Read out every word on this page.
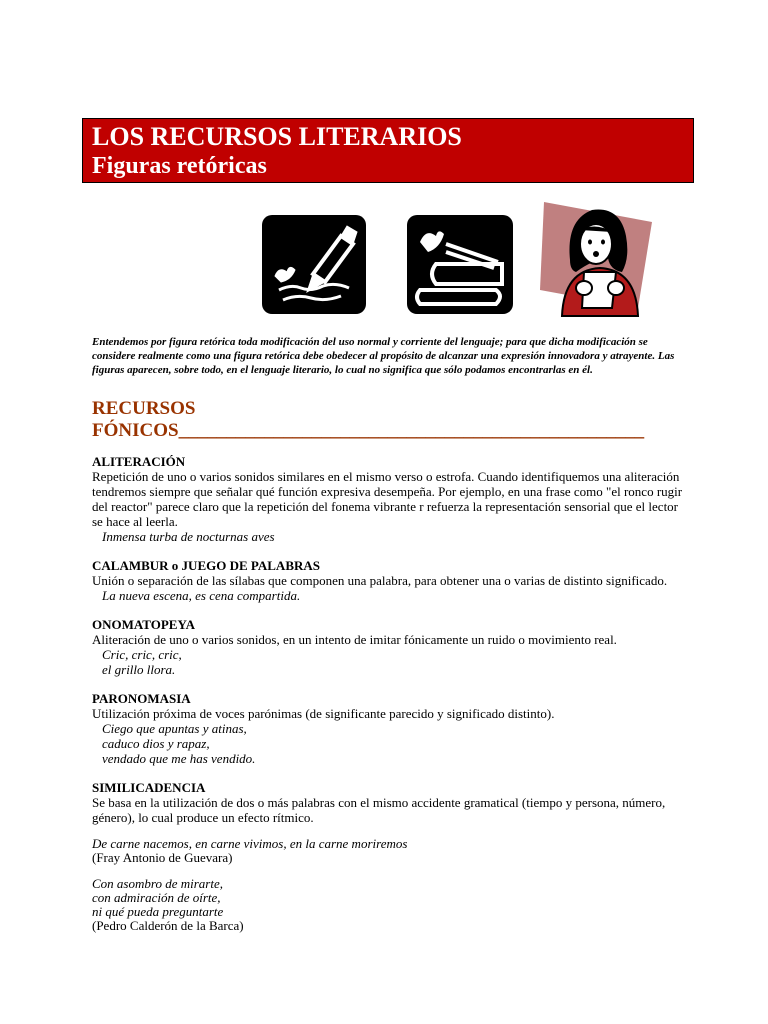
LOS RECURSOS LITERARIOS
Figuras retóricas
Entendemos por figura retórica toda modificación del uso normal y corriente del lenguaje; para que dicha modificación se considere realmente como una figura retórica debe obedecer al propósito de alcanzar una expresión innovadora y atrayente. Las figuras aparecen, sobre todo, en el lenguaje literario, lo cual no significa que sólo podamos encontrarlas en él.
RECURSOS
FÓNICOS_________________________________________________
ALITERACIÓN

Repetición de uno o varios sonidos similares en el mismo verso o estrofa. Cuando identifiquemos una aliteración tendremos siempre que señalar qué función expresiva desempeña. Por ejemplo, en una frase como "el ronco rugir del reactor" parece claro que la repetición del fonema vibrante r refuerza la representación sensorial que el lector se hace al leerla.

Inmensa turba de nocturnas aves
CALAMBUR o JUEGO DE PALABRAS

Unión o separación de las sílabas que componen una palabra, para obtener una o varias de distinto significado.

La nueva escena, es cena compartida.
ONOMATOPEYA

Aliteración de uno o varios sonidos, en un intento de imitar fónicamente un ruido o movimiento real.

Cric, cric, cric,
el grillo llora.
PARONOMASIA

Utilización próxima de voces parónimas (de significante parecido y significado distinto).

Ciego que apuntas y atinas,
caduco dios y rapaz,
vendado que me has vendido.
SIMILICADENCIA

Se basa en la utilización de dos o más palabras con el mismo accidente gramatical (tiempo y persona, número, género), lo cual produce un efecto rítmico.

De carne nacemos, en carne vivimos, en la carne moriremos
(Fray Antonio de Guevara)
Con asombro de mirarte,
con admiración de oírte,
ni qué pueda preguntarte
(Pedro Calderón de la Barca)
